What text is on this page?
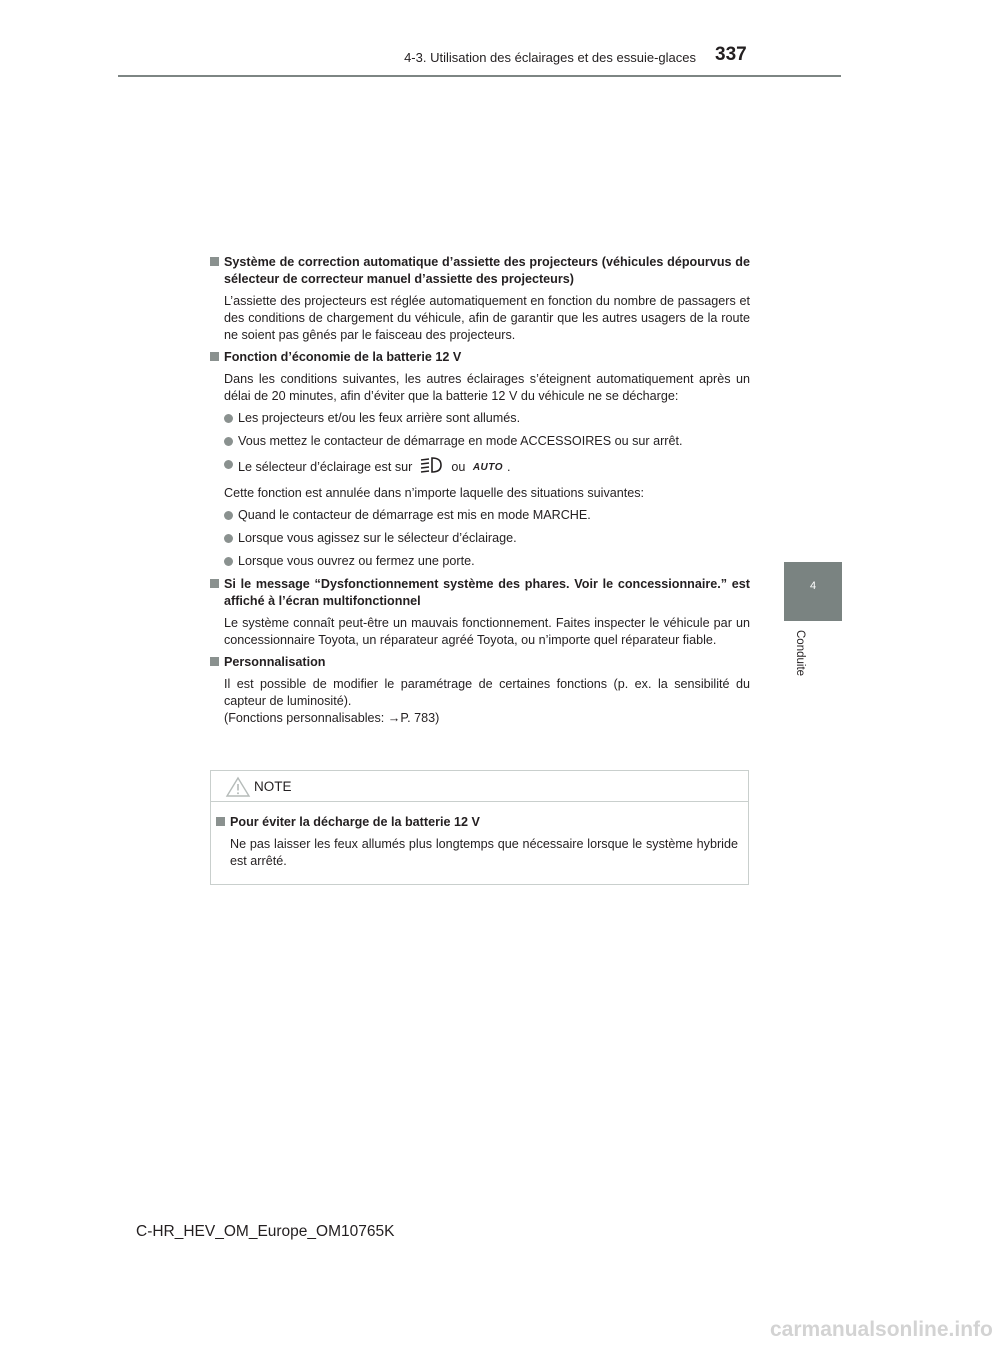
4-3. Utilisation des éclairages et des essuie-glaces 337
4
Conduite
Système de correction automatique d’assiette des projecteurs (véhicules dépourvus de sélecteur de correcteur manuel d’assiette des projecteurs)
L’assiette des projecteurs est réglée automatiquement en fonction du nombre de passagers et des conditions de chargement du véhicule, afin de garantir que les autres usagers de la route ne soient pas gênés par le faisceau des projecteurs.
Fonction d’économie de la batterie 12 V
Dans les conditions suivantes, les autres éclairages s’éteignent automatiquement après un délai de 20 minutes, afin d’éviter que la batterie 12 V du véhicule ne se décharge:
Les projecteurs et/ou les feux arrière sont allumés.
Vous mettez le contacteur de démarrage en mode ACCESSOIRES ou sur arrêt.
Le sélecteur d’éclairage est sur	ou AUTO .
Cette fonction est annulée dans n’importe laquelle des situations suivantes:
Quand le contacteur de démarrage est mis en mode MARCHE.
Lorsque vous agissez sur le sélecteur d’éclairage.
Lorsque vous ouvrez ou fermez une porte.
Si le message “Dysfonctionnement système des phares. Voir le concessionnaire.” est affiché à l’écran multifonctionnel
Le système connaît peut-être un mauvais fonctionnement. Faites inspecter le véhicule par un concessionnaire Toyota, un réparateur agréé Toyota, ou n’importe quel réparateur fiable.
Personnalisation
Il est possible de modifier le paramétrage de certaines fonctions (p. ex. la sensibilité du capteur de luminosité).
(Fonctions personnalisables: →P. 783)
NOTE
Pour éviter la décharge de la batterie 12 V
Ne pas laisser les feux allumés plus longtemps que nécessaire lorsque le système hybride est arrêté.
C-HR_HEV_OM_Europe_OM10765K
carmanualsonline.info
